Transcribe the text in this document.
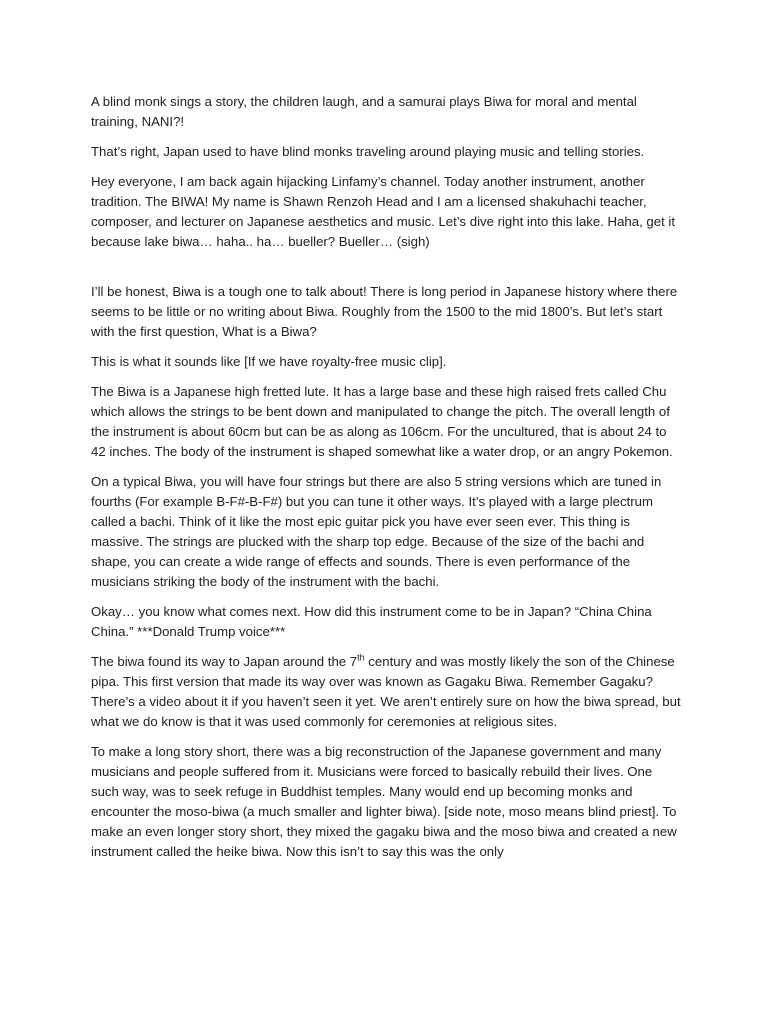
A blind monk sings a story, the children laugh, and a samurai plays Biwa for moral and mental training, NANI?!

That’s right, Japan used to have blind monks traveling around playing music and telling stories.

Hey everyone, I am back again hijacking Linfamy’s channel. Today another instrument, another tradition. The BIWA! My name is Shawn Renzoh Head and I am a licensed shakuhachi teacher, composer, and lecturer on Japanese aesthetics and music. Let’s dive right into this lake. Haha, get it because lake biwa… haha.. ha… bueller? Bueller… (sigh)

I’ll be honest, Biwa is a tough one to talk about! There is long period in Japanese history where there seems to be little or no writing about Biwa. Roughly from the 1500 to the mid 1800’s. But let’s start with the first question, What is a Biwa?

This is what it sounds like [If we have royalty-free music clip].

The Biwa is a Japanese high fretted lute. It has a large base and these high raised frets called Chu which allows the strings to be bent down and manipulated to change the pitch. The overall length of the instrument is about 60cm but can be as along as 106cm. For the uncultured, that is about 24 to 42 inches. The body of the instrument is shaped somewhat like a water drop, or an angry Pokemon.

On a typical Biwa, you will have four strings but there are also 5 string versions which are tuned in fourths (For example B-F#-B-F#) but you can tune it other ways. It’s played with a large plectrum called a bachi. Think of it like the most epic guitar pick you have ever seen ever. This thing is massive. The strings are plucked with the sharp top edge. Because of the size of the bachi and shape, you can create a wide range of effects and sounds. There is even performance of the musicians striking the body of the instrument with the bachi.

Okay… you know what comes next. How did this instrument come to be in Japan? “China China China.” ***Donald Trump voice***

The biwa found its way to Japan around the 7th century and was mostly likely the son of the Chinese pipa. This first version that made its way over was known as Gagaku Biwa. Remember Gagaku? There’s a video about it if you haven’t seen it yet. We aren’t entirely sure on how the biwa spread, but what we do know is that it was used commonly for ceremonies at religious sites.

To make a long story short, there was a big reconstruction of the Japanese government and many musicians and people suffered from it. Musicians were forced to basically rebuild their lives. One such way, was to seek refuge in Buddhist temples. Many would end up becoming monks and encounter the moso-biwa (a much smaller and lighter biwa). [side note, moso means blind priest]. To make an even longer story short, they mixed the gagaku biwa and the moso biwa and created a new instrument called the heike biwa. Now this isn’t to say this was the only
